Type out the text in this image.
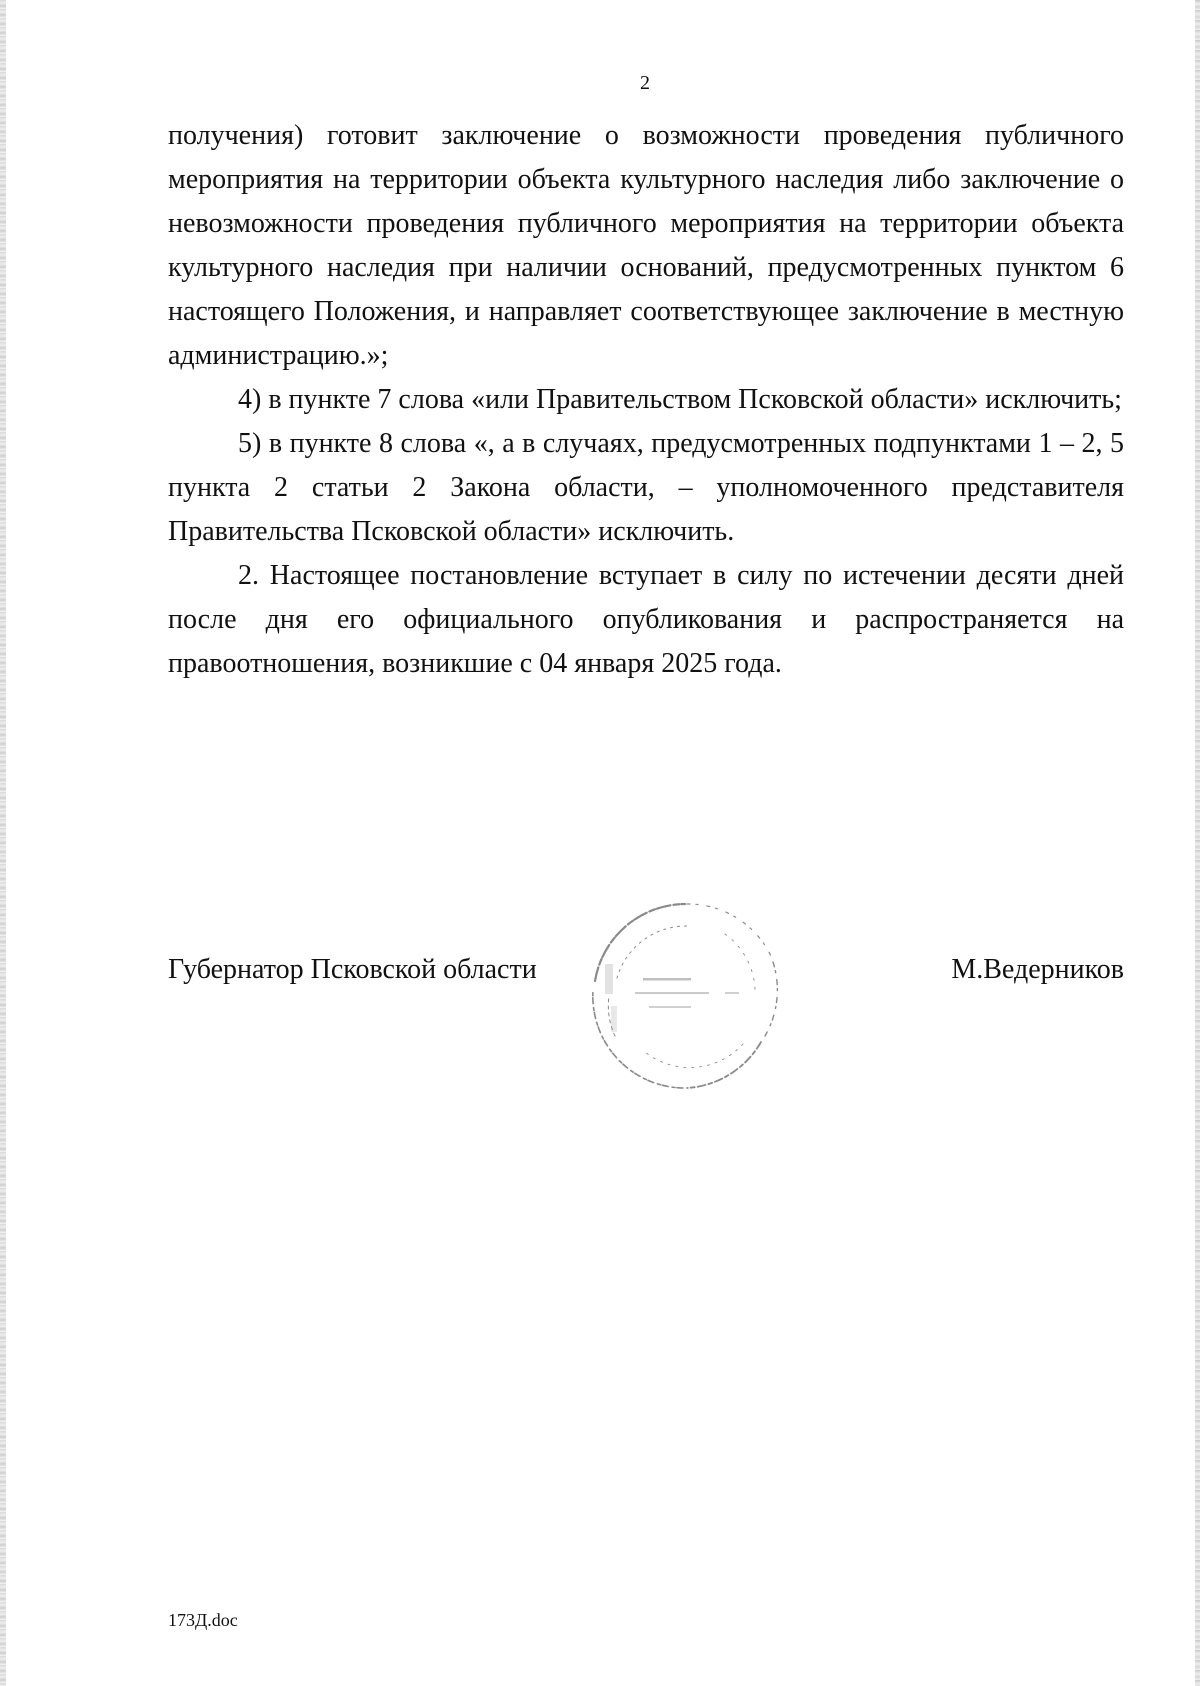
2

получения) готовит заключение о возможности проведения публичного мероприятия на территории объекта культурного наследия либо заключение о невозможности проведения публичного мероприятия на территории объекта культурного наследия при наличии оснований, предусмотренных пунктом 6 настоящего Положения, и направляет соответствующее заключение в местную администрацию.»;

4) в пункте 7 слова «или Правительством Псковской области» исключить;

5) в пункте 8 слова «, а в случаях, предусмотренных подпунктами 1 – 2, 5 пункта 2 статьи 2 Закона области, – уполномоченного представителя Правительства Псковской области» исключить.

2. Настоящее постановление вступает в силу по истечении десяти дней после дня его официального опубликования и распространяется на правоотношения, возникшие с 04 января 2025 года.

Губернатор Псковской области	М.Ведерников
173Д.doc
